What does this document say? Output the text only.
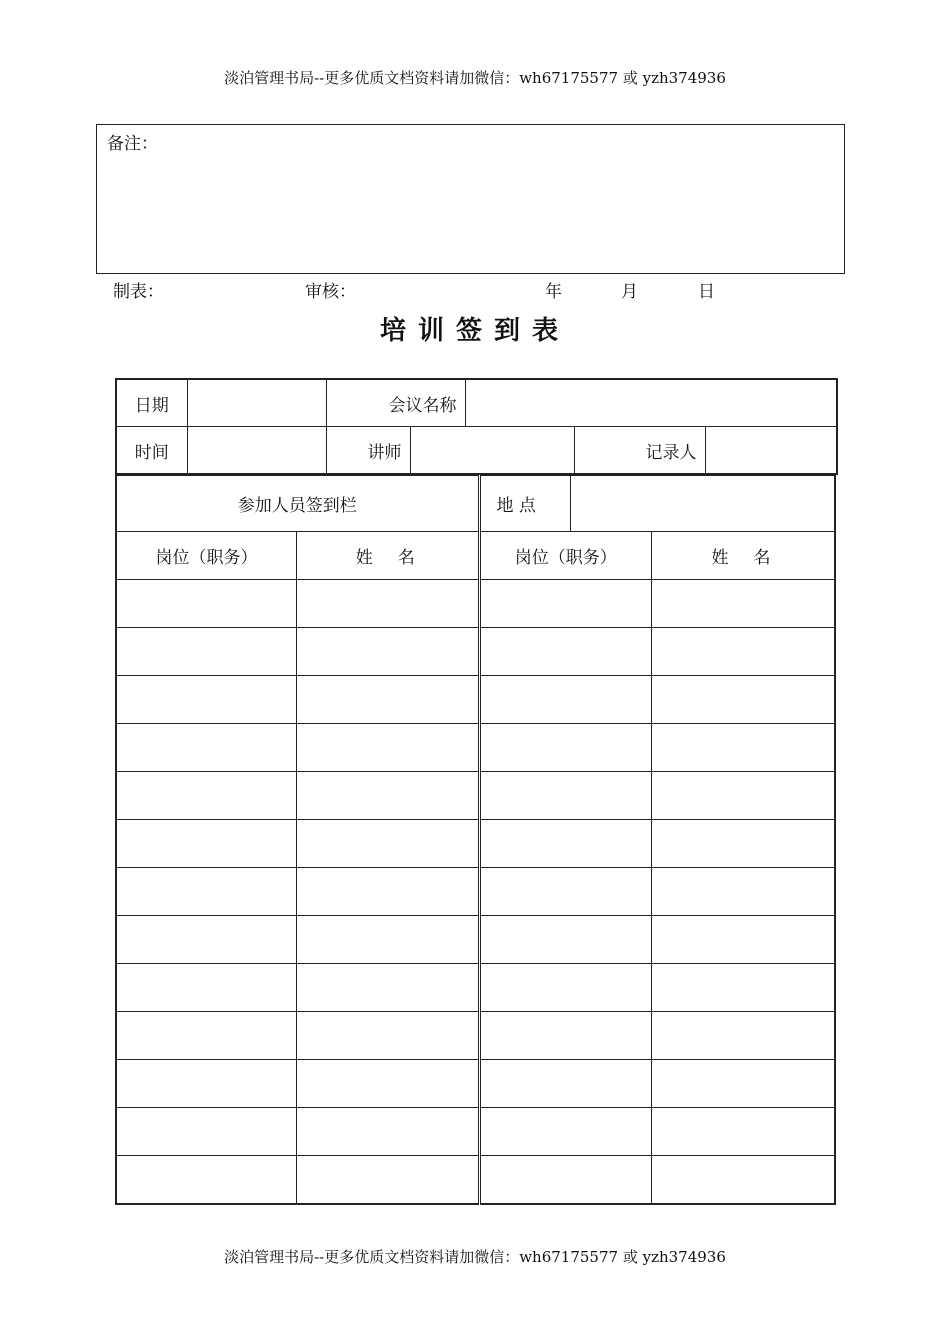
淡泊管理书局--更多优质文档资料请加微信：wh67175577 或 yzh374936
备注：
制表：	审核：	年	月	日
培训签到表
日期		会议名称				
时间		讲师			记录人	
参加人员签到栏		地 点		
岗位（职务）	姓　名	岗位（职务）		姓　名

淡泊管理书局--更多优质文档资料请加微信：wh67175577 或 yzh374936
